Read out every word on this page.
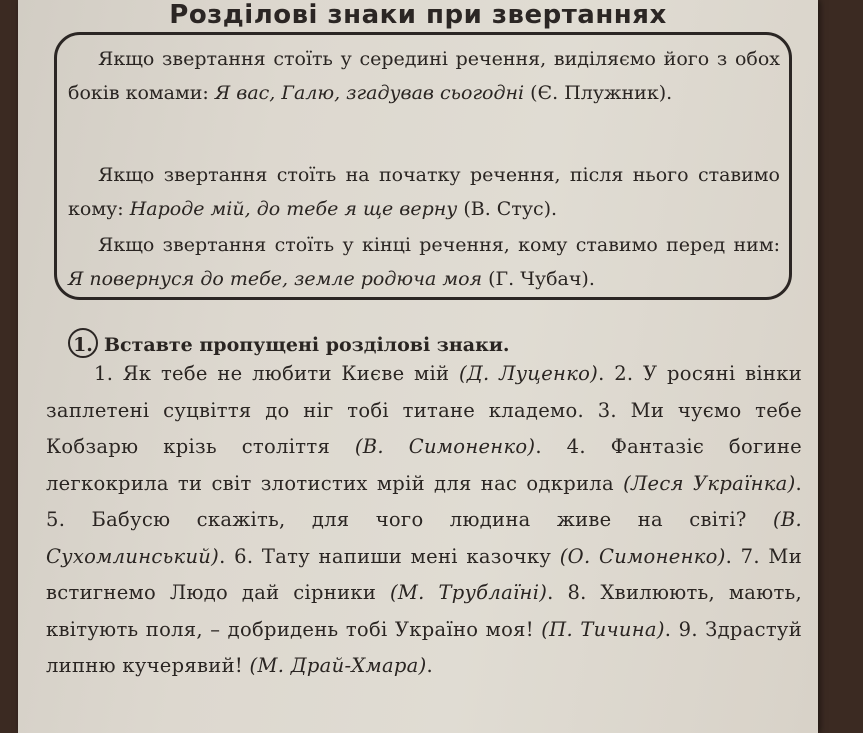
Розділові знаки при звертаннях
Якщо звертання стоїть у середині речення, виділяємо його з обох боків комами: Я вас, Галю, згадував сьогодні (Є. Плужник).
Якщо звертання стоїть на початку речення, після нього ставимо кому: Народе мій, до тебе я ще верну (В. Стус).
Якщо звертання стоїть у кінці речення, кому ставимо перед ним: Я повернуся до тебе, земле родюча моя (Г. Чубач).
1. Вставте пропущені розділові знаки.
1. Як тебе не любити Києве мій (Д. Луценко). 2. У росяні вінки заплетені суцвіття до ніг тобі титане кладемо. 3. Ми чуємо тебе Кобзарю крізь століття (В. Симоненко). 4. Фантазіє богине легкокрила ти світ злотистих мрій для нас одкрила (Леся Українка). 5. Бабусю скажіть, для чого людина живе на світі? (В. Сухомлинський). 6. Тату напиши мені казочку (О. Симоненко). 7. Ми встигнемо Людо дай сірники (М. Трублаїні). 8. Хвилюють, мають, квітують поля, – добридень тобі Україно моя! (П. Тичина). 9. Здрастуй липню кучерявий! (М. Драй-Хмара).
